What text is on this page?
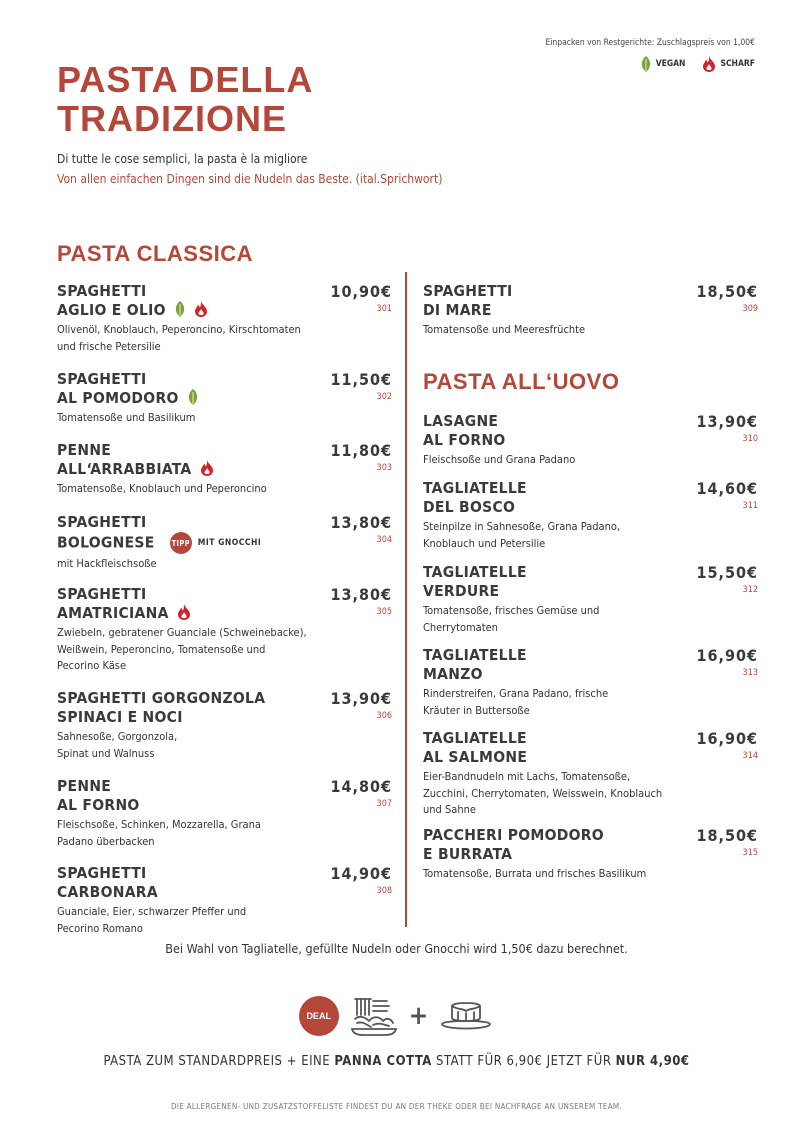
Einpacken von Restgerichte: Zuschlagspreis von 1,00€
VEGAN	SCHARF
PASTA DELLA TRADIZIONE
Di tutte le cose semplici, la pasta è la migliore
Von allen einfachen Dingen sind die Nudeln das Beste. (ital.Sprichwort)
PASTA CLASSICA
PASTA ALL‘UOVO
SPAGHETTI
AGLIO E OLIO
Olivenöl, Knoblauch, Peperoncino, Kirschtomaten und frische Petersilie
10,90€
301
SPAGHETTI
AL POMODORO
Tomatensoße und Basilikum
11,50€
302
PENNE
ALL‘ARRABBIATA
Tomatensoße, Knoblauch und Peperoncino
11,80€
303
SPAGHETTI
BOLOGNESE TIPP MIT GNOCCHI
mit Hackfleischsoße
13,80€
304
SPAGHETTI
AMATRICIANA
Zwiebeln, gebratener Guanciale (Schweinebacke), Weißwein, Peperoncino, Tomatensoße und Pecorino Käse
13,80€
305
SPAGHETTI GORGONZOLA
SPINACI E NOCI
Sahnesoße, Gorgonzola, Spinat und Walnuss
13,90€
306
PENNE
AL FORNO
Fleischsoße, Schinken, Mozzarella, Grana Padano überbacken
14,80€
307
SPAGHETTI
CARBONARA
Guanciale, Eier, schwarzer Pfeffer und Pecorino Romano
14,90€
308
SPAGHETTI
DI MARE
Tomatensoße und Meeresfrüchte
18,50€
309
LASAGNE
AL FORNO
Fleischsoße und Grana Padano
13,90€
310
TAGLIATELLE
DEL BOSCO
Steinpilze in Sahnesoße, Grana Padano, Knoblauch und Petersilie
14,60€
311
TAGLIATELLE
VERDURE
Tomatensoße, frisches Gemüse und Cherrytomaten
15,50€
312
TAGLIATELLE
MANZO
Rinderstreifen, Grana Padano, frische Kräuter in Buttersoße
16,90€
313
TAGLIATELLE
AL SALMONE
Eier-Bandnudeln mit Lachs, Tomatensoße, Zucchini, Cherrytomaten, Weisswein, Knoblauch und Sahne
16,90€
314
PACCHERI POMODORO
E BURRATA
Tomatensoße, Burrata und frisches Basilikum
18,50€
315
Bei Wahl von Tagliatelle, gefüllte Nudeln oder Gnocchi wird 1,50€ dazu berechnet.
DEAL	+
PASTA ZUM STANDARDPREIS + EINE PANNA COTTA STATT FÜR 6,90€ JETZT FÜR NUR 4,90€
DIE ALLERGENEN- UND ZUSATZSTOFFELISTE FINDEST DU AN DER THEKE ODER BEI NACHFRAGE AN UNSEREM TEAM.
